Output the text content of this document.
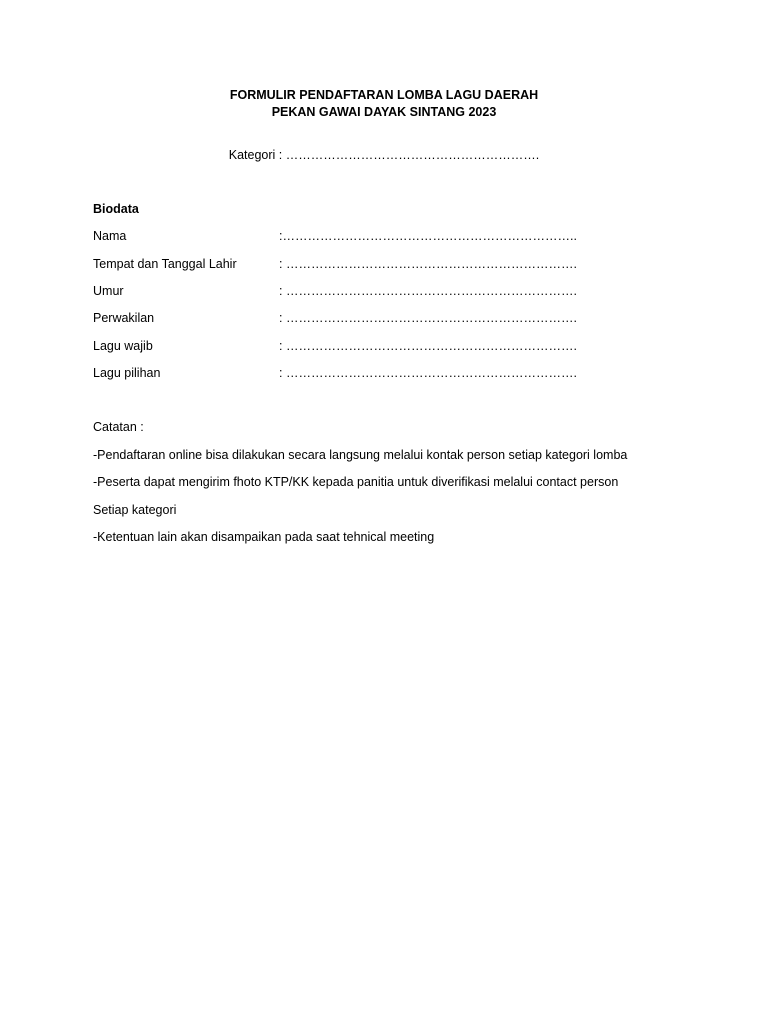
FORMULIR PENDAFTARAN LOMBA LAGU DAERAH
PEKAN GAWAI DAYAK SINTANG 2023
Kategori : …………………………………………………….
Biodata
Nama	:……………………………………………………………..
Tempat dan Tanggal Lahir	: …………………………………………………………….
Umur	: …………………………………………………………….
Perwakilan	: …………………………………………………………….
Lagu wajib	: …………………………………………………………….
Lagu pilihan	: …………………………………………………………….
Catatan :
-Pendaftaran online bisa dilakukan secara langsung melalui kontak person setiap kategori lomba
-Peserta dapat mengirim fhoto KTP/KK kepada panitia untuk diverifikasi melalui contact person
Setiap kategori
-Ketentuan lain akan disampaikan pada saat tehnical meeting
